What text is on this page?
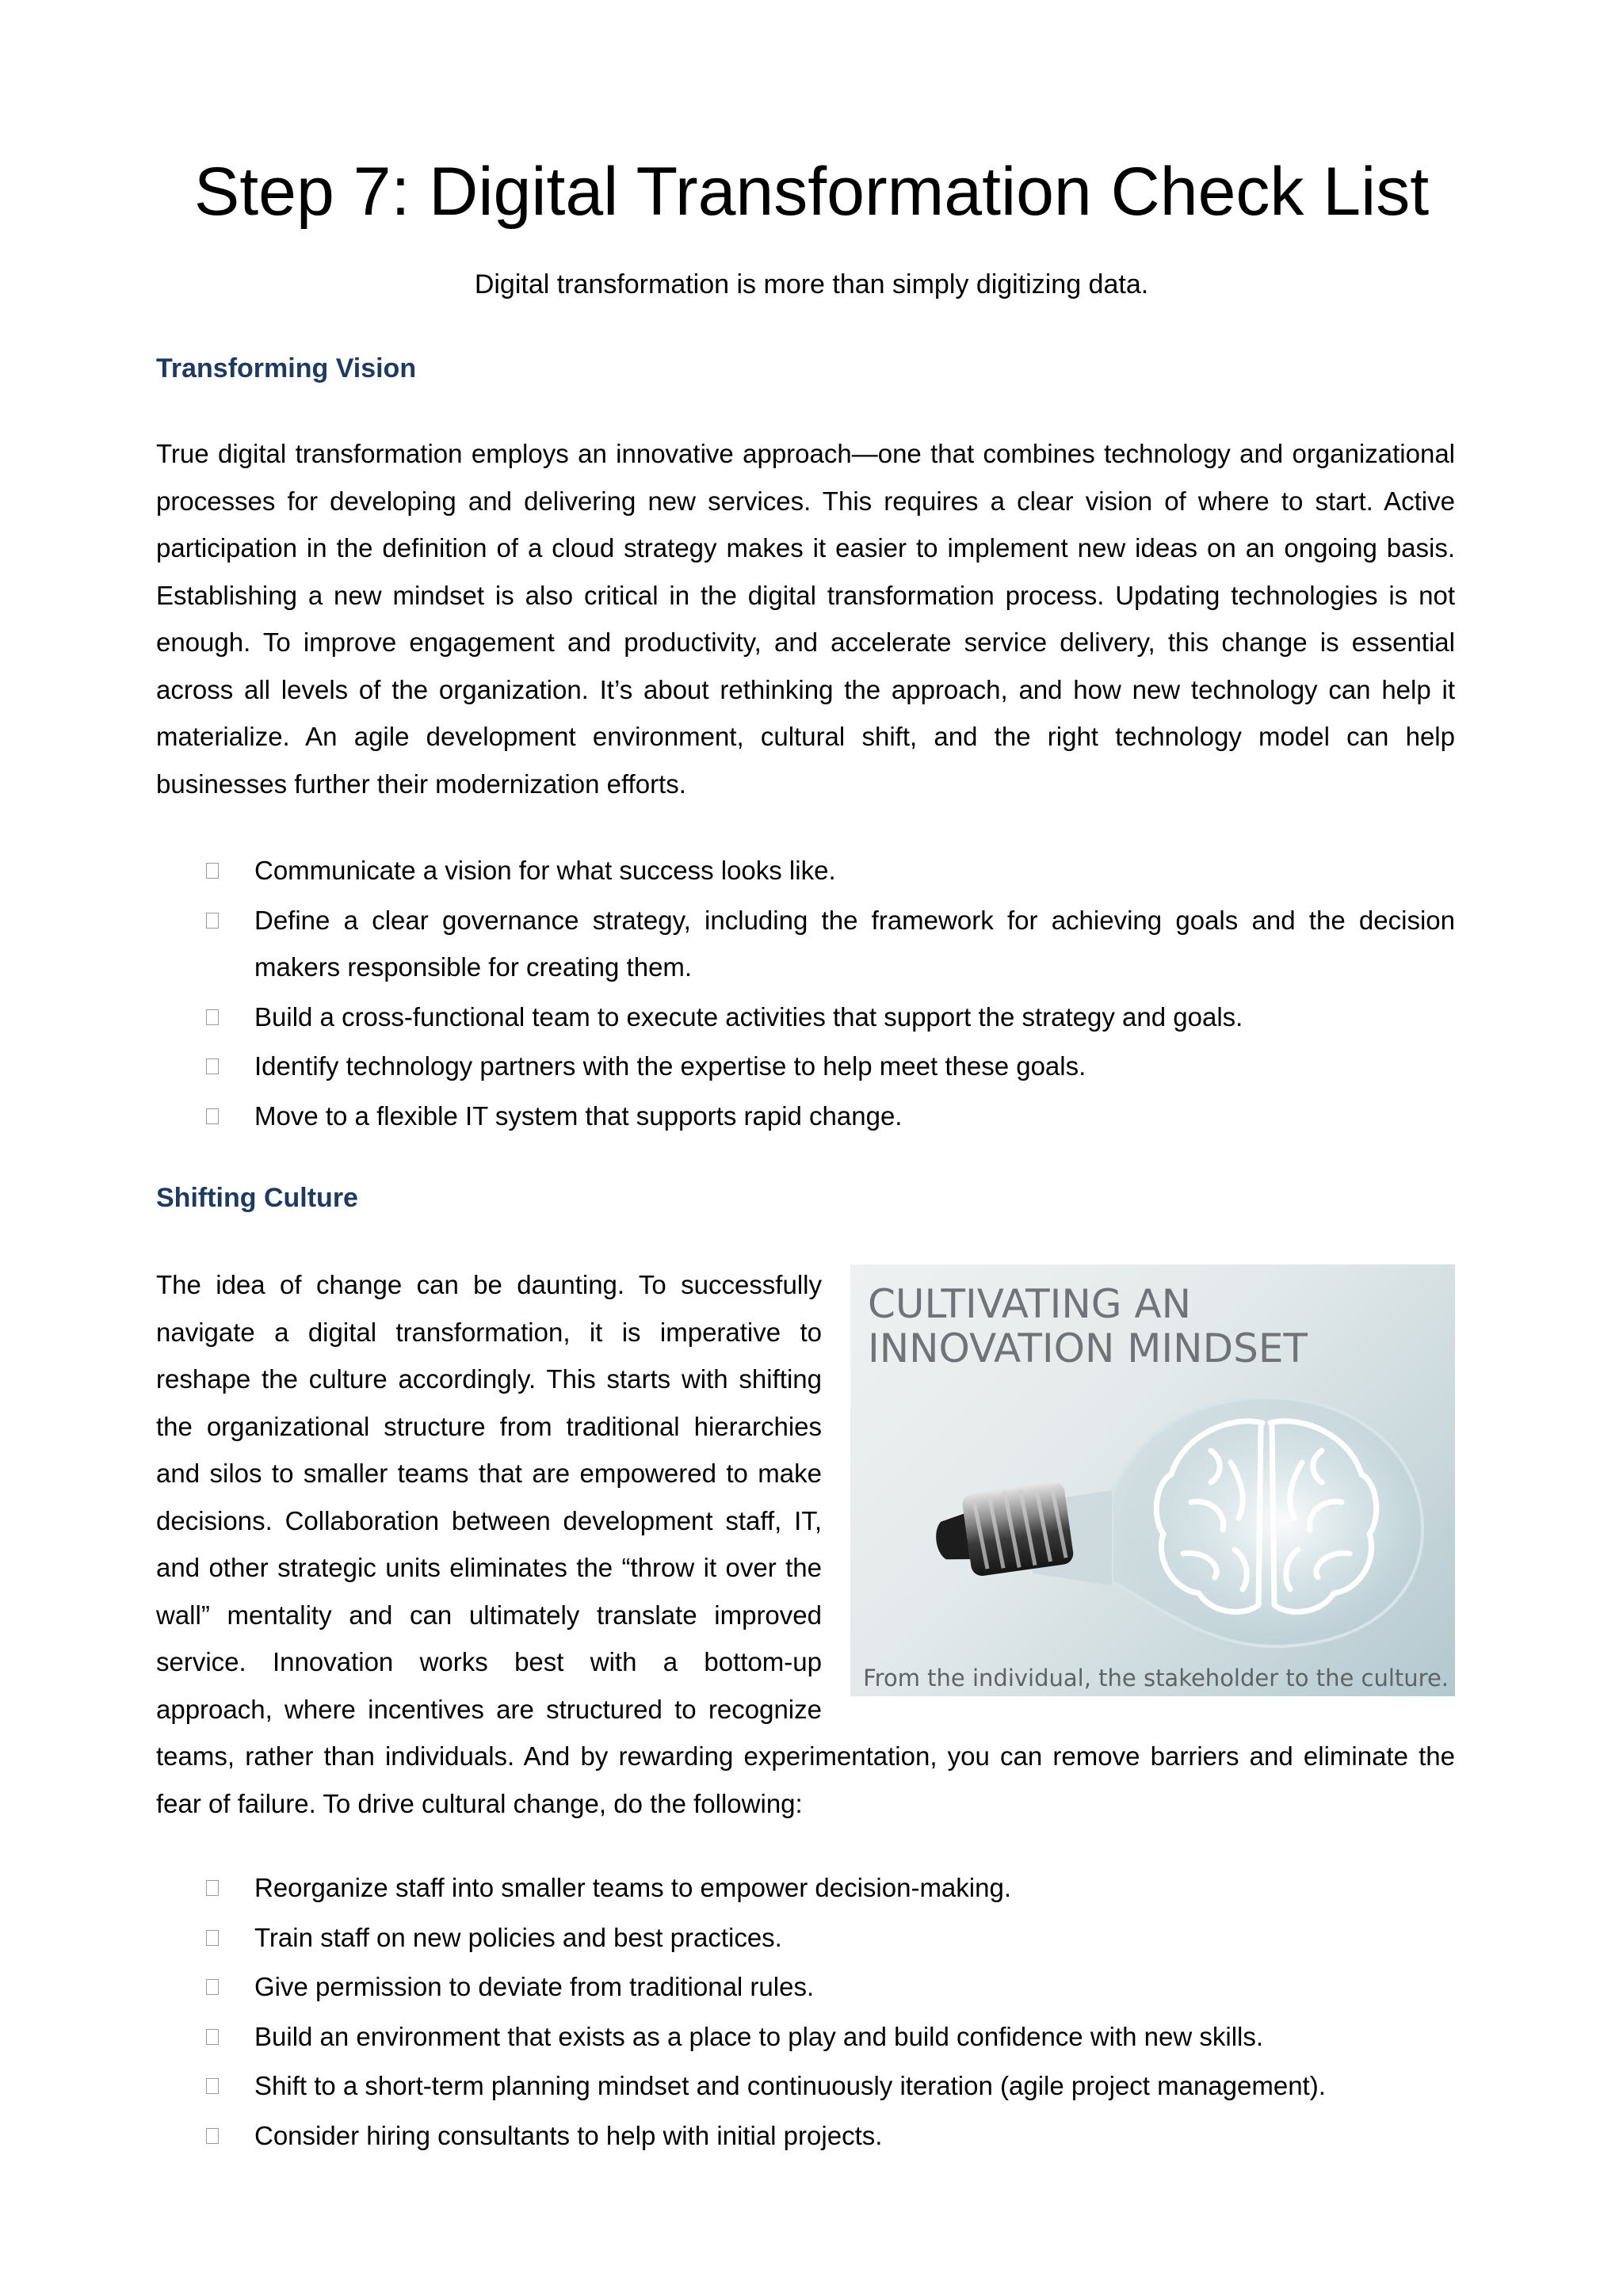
Step 7: Digital Transformation Check List

Digital transformation is more than simply digitizing data.

Transforming Vision

True digital transformation employs an innovative approach—one that combines technology and organizational processes for developing and delivering new services. This requires a clear vision of where to start. Active participation in the definition of a cloud strategy makes it easier to implement new ideas on an ongoing basis. Establishing a new mindset is also critical in the digital transformation process. Updating technologies is not enough. To improve engagement and productivity, and accelerate service delivery, this change is essential across all levels of the organization. It’s about rethinking the approach, and how new technology can help it materialize. An agile development environment, cultural shift, and the right technology model can help businesses further their modernization efforts.

Communicate a vision for what success looks like.
Define a clear governance strategy, including the framework for achieving goals and the decision makers responsible for creating them.
Build a cross-functional team to execute activities that support the strategy and goals.
Identify technology partners with the expertise to help meet these goals.
Move to a flexible IT system that supports rapid change.
Shifting Culture
CULTIVATING AN
INNOVATION MINDSET
From the individual, the stakeholder to the culture.
The idea of change can be daunting. To successfully navigate a digital transformation, it is imperative to reshape the culture accordingly. This starts with shifting the organizational structure from traditional hierarchies and silos to smaller teams that are empowered to make decisions. Collaboration between development staff, IT, and other strategic units eliminates the “throw it over the wall” mentality and can ultimately translate improved service. Innovation works best with a bottom-up approach, where incentives are structured to recognize teams, rather than individuals. And by rewarding experimentation, you can remove barriers and eliminate the fear of failure. To drive cultural change, do the following:
Reorganize staff into smaller teams to empower decision-making.
Train staff on new policies and best practices.
Give permission to deviate from traditional rules.
Build an environment that exists as a place to play and build confidence with new skills.
Shift to a short-term planning mindset and continuously iteration (agile project management).
Consider hiring consultants to help with initial projects.
